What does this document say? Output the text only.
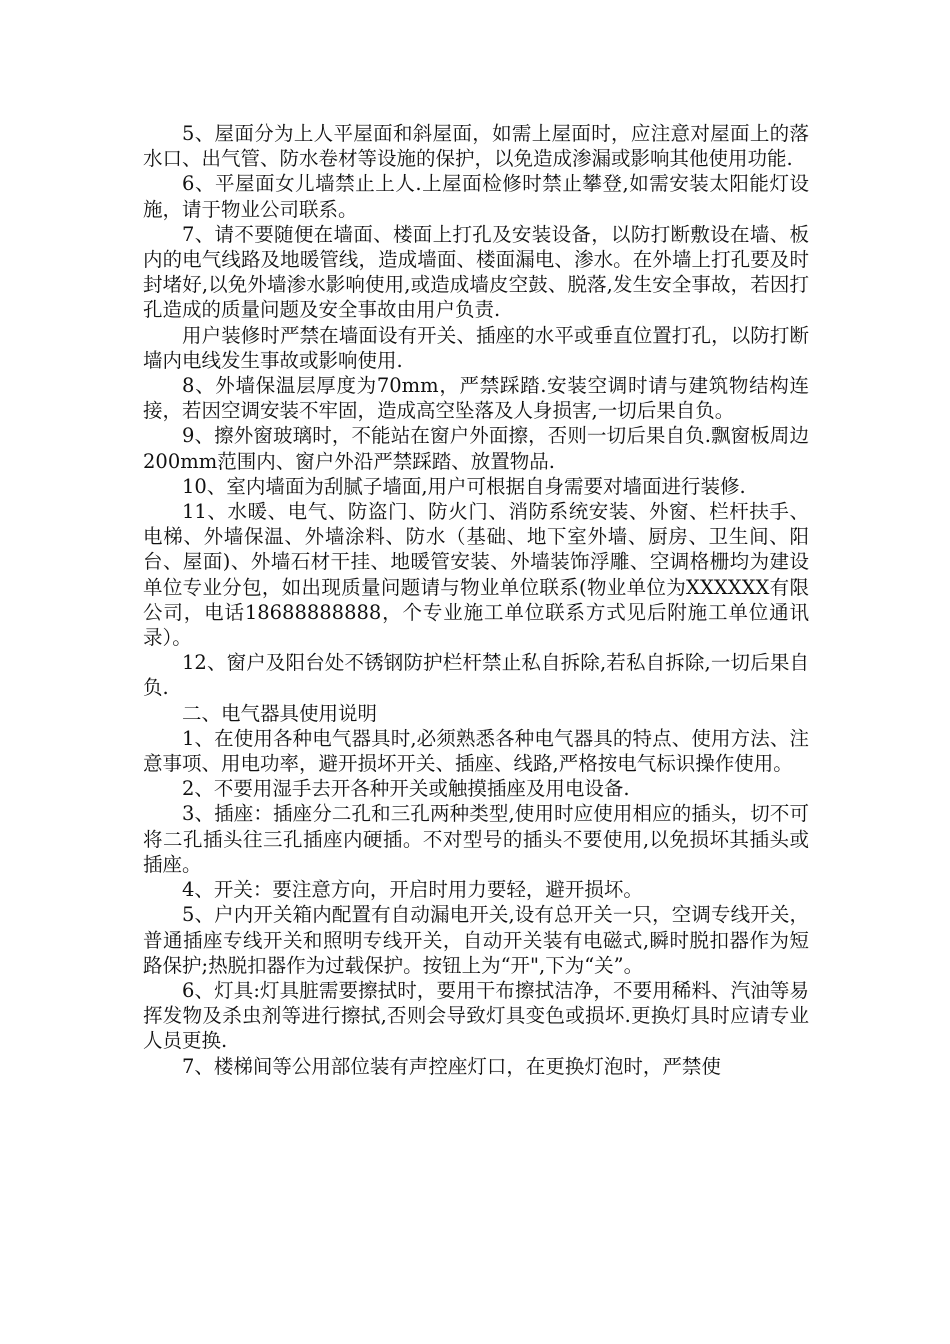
5、屋面分为上人平屋面和斜屋面，如需上屋面时，应注意对屋面上的落水口、出气管、防水卷材等设施的保护，以免造成渗漏或影响其他使用功能.

6、平屋面女儿墙禁止上人.上屋面检修时禁止攀登,如需安装太阳能灯设施，请于物业公司联系。

7、请不要随便在墙面、楼面上打孔及安装设备，以防打断敷设在墙、板内的电气线路及地暖管线，造成墙面、楼面漏电、渗水。在外墙上打孔要及时封堵好,以免外墙渗水影响使用,或造成墙皮空鼓、脱落,发生安全事故，若因打孔造成的质量问题及安全事故由用户负责.

用户装修时严禁在墙面设有开关、插座的水平或垂直位置打孔，以防打断墙内电线发生事故或影响使用.

8、外墙保温层厚度为70mm，严禁踩踏.安装空调时请与建筑物结构连接，若因空调安装不牢固，造成高空坠落及人身损害,一切后果自负。

9、擦外窗玻璃时，不能站在窗户外面擦，否则一切后果自负.飘窗板周边200mm范围内、窗户外沿严禁踩踏、放置物品.

10、室内墙面为刮腻子墙面,用户可根据自身需要对墙面进行装修.

11、水暖、电气、防盗门、防火门、消防系统安装、外窗、栏杆扶手、电梯、外墙保温、外墙涂料、防水（基础、地下室外墙、厨房、卫生间、阳台、屋面)、外墙石材干挂、地暖管安装、外墙装饰浮雕、空调格栅均为建设单位专业分包，如出现质量问题请与物业单位联系(物业单位为XXXXXX有限公司，电话18688888888，个专业施工单位联系方式见后附施工单位通讯录）。

12、窗户及阳台处不锈钢防护栏杆禁止私自拆除,若私自拆除,一切后果自负.

二、电气器具使用说明

1、在使用各种电气器具时,必须熟悉各种电气器具的特点、使用方法、注意事项、用电功率，避开损坏开关、插座、线路,严格按电气标识操作使用。

2、不要用湿手去开各种开关或触摸插座及用电设备.

3、插座：插座分二孔和三孔两种类型,使用时应使用相应的插头，切不可将二孔插头往三孔插座内硬插。不对型号的插头不要使用,以免损坏其插头或插座。

4、开关：要注意方向，开启时用力要轻，避开损坏。

5、户内开关箱内配置有自动漏电开关,设有总开关一只，空调专线开关，普通插座专线开关和照明专线开关，自动开关装有电磁式,瞬时脱扣器作为短路保护;热脱扣器作为过载保护。按钮上为“开",下为“关”。

6、灯具:灯具脏需要擦拭时，要用干布擦拭洁净，不要用稀料、汽油等易挥发物及杀虫剂等进行擦拭,否则会导致灯具变色或损坏.更换灯具时应请专业人员更换.

7、楼梯间等公用部位装有声控座灯口，在更换灯泡时，严禁使
